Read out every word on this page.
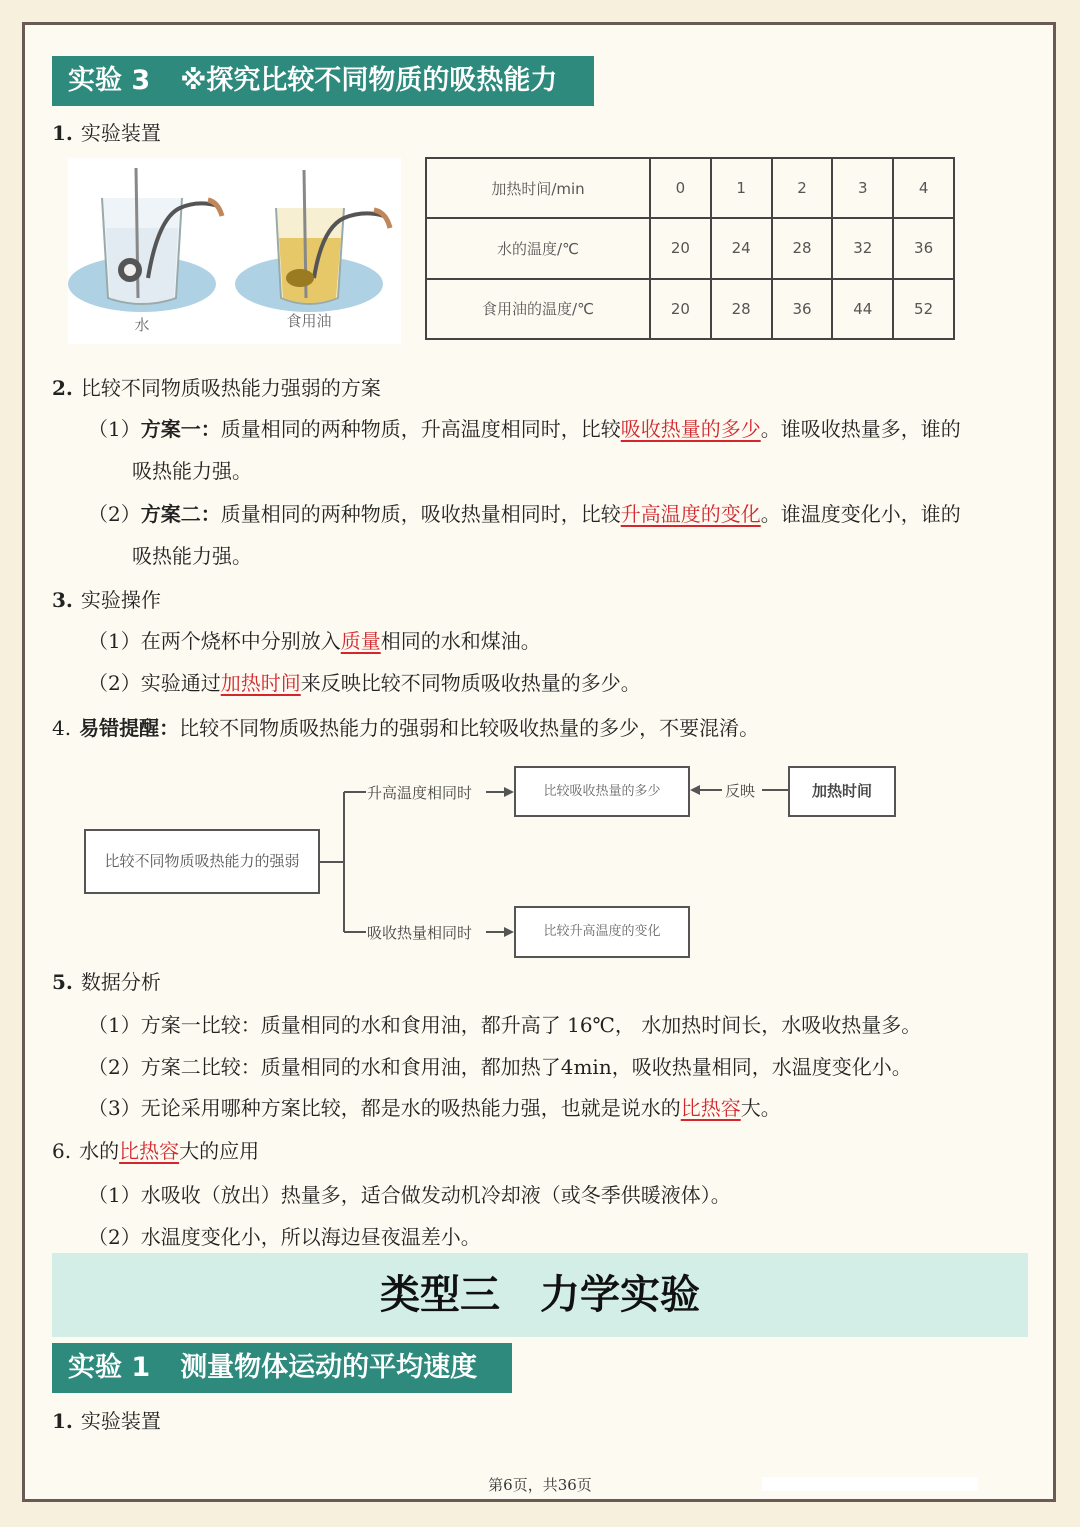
实验 3 ※探究比较不同物质的吸热能力
1. 实验装置
水	食用油
加热时间/min	0	1	2	3	4
水的温度/℃	20	24	28	32	36
食用油的温度/℃	20	28	36	44	52
2. 比较不同物质吸热能力强弱的方案
（1）方案一：质量相同的两种物质，升高温度相同时，比较吸收热量的多少。谁吸收热量多，谁的
吸热能力强。
（2）方案二：质量相同的两种物质，吸收热量相同时，比较升高温度的变化。谁温度变化小，谁的
吸热能力强。
3. 实验操作
（1）在两个烧杯中分别放入质量相同的水和煤油。
（2）实验通过加热时间来反映比较不同物质吸收热量的多少。
4. 易错提醒：比较不同物质吸热能力的强弱和比较吸收热量的多少，不要混淆。
比较不同物质吸热能力的强弱
升高温度相同时
吸收热量相同时
比较吸收热量的多少
比较升高温度的变化
反映	加热时间
5. 数据分析
（1）方案一比较：质量相同的水和食用油，都升高了 16℃， 水加热时间长，水吸收热量多。
（2）方案二比较：质量相同的水和食用油，都加热了4min，吸收热量相同，水温度变化小。
（3）无论采用哪种方案比较，都是水的吸热能力强，也就是说水的比热容大。
6. 水的比热容大的应用
（1）水吸收（放出）热量多，适合做发动机冷却液（或冬季供暖液体）。
（2）水温度变化小，所以海边昼夜温差小。
类型三　力学实验
实验 1 测量物体运动的平均速度
1. 实验装置
第6页，共36页
